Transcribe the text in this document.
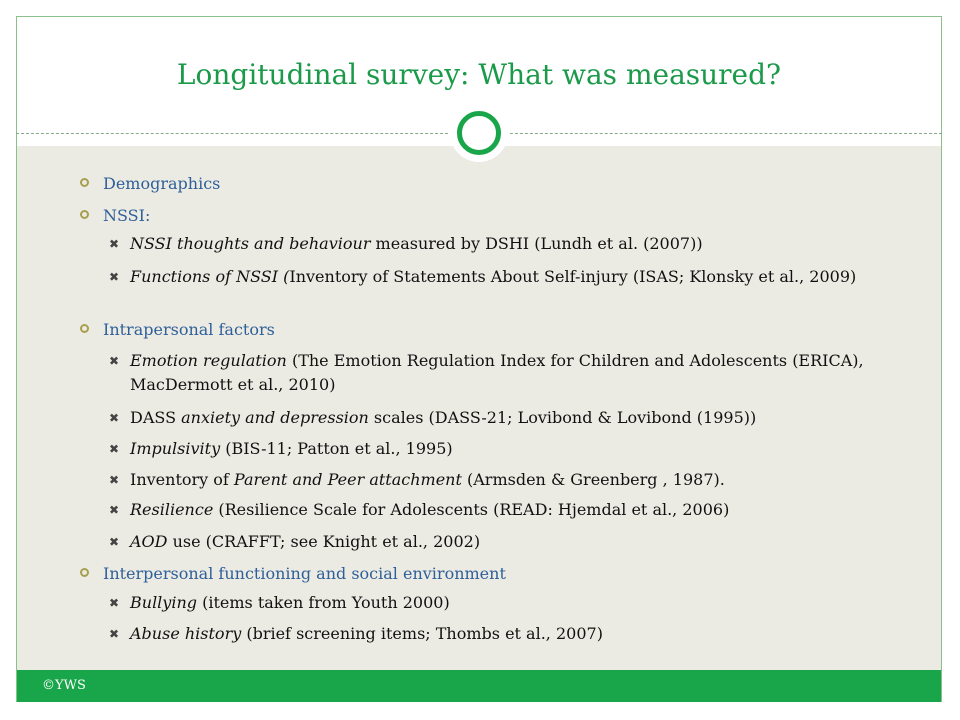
Longitudinal survey: What was measured?
Demographics
NSSI:
✖ NSSI thoughts and behaviour measured by DSHI (Lundh et al. (2007))
✖ Functions of NSSI (Inventory of Statements About Self-injury (ISAS; Klonsky et al., 2009)
Intrapersonal factors
✖ Emotion regulation (The Emotion Regulation Index for Children and Adolescents (ERICA), MacDermott et al., 2010)
✖ DASS anxiety and depression scales (DASS-21; Lovibond & Lovibond (1995))
✖ Impulsivity (BIS-11; Patton et al., 1995)
✖ Inventory of Parent and Peer attachment (Armsden & Greenberg , 1987).
✖ Resilience (Resilience Scale for Adolescents (READ: Hjemdal et al., 2006)
✖ AOD use (CRAFFT; see Knight et al., 2002)
Interpersonal functioning and social environment
✖ Bullying (items taken from Youth 2000)
✖ Abuse history (brief screening items; Thombs et al., 2007)
©YWS
